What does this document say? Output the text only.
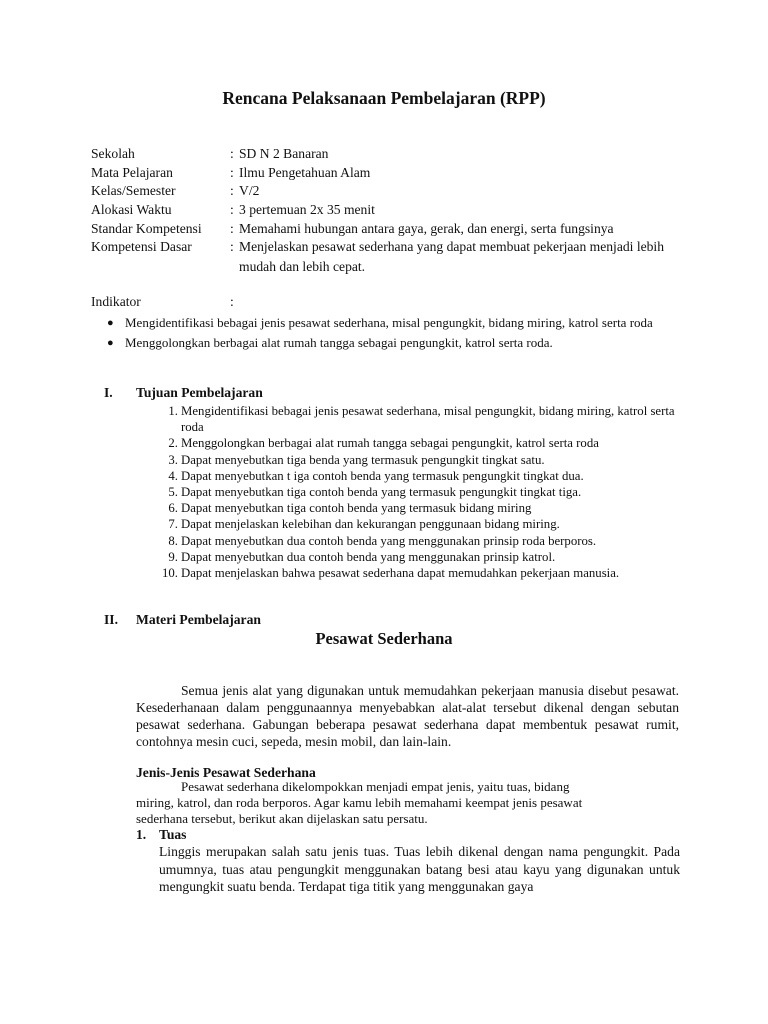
Rencana Pelaksanaan Pembelajaran (RPP)
Sekolah	: SD N 2 Banaran
Mata Pelajaran	: Ilmu Pengetahuan Alam
Kelas/Semester	: V/2
Alokasi Waktu	: 3 pertemuan 2x 35 menit
Standar Kompetensi : Memahami hubungan antara gaya, gerak, dan energi, serta fungsinya
Kompetensi Dasar	: Menjelaskan pesawat sederhana yang dapat membuat pekerjaan menjadi lebih mudah dan lebih cepat.
Indikator	:
● Mengidentifikasi bebagai jenis pesawat sederhana, misal pengungkit, bidang miring, katrol serta roda
● Menggolongkan berbagai alat rumah tangga sebagai pengungkit, katrol serta roda.
I. Tujuan Pembelajaran
1. Mengidentifikasi bebagai jenis pesawat sederhana, misal pengungkit, bidang miring, katrol serta roda
2. Menggolongkan berbagai alat rumah tangga sebagai pengungkit, katrol serta roda
3. Dapat menyebutkan tiga benda yang termasuk pengungkit tingkat satu.
4. Dapat menyebutkan t iga contoh benda yang termasuk pengungkit tingkat dua.
5. Dapat menyebutkan tiga contoh benda yang termasuk pengungkit tingkat tiga.
6. Dapat menyebutkan tiga contoh benda yang termasuk bidang miring
7. Dapat menjelaskan kelebihan dan kekurangan penggunaan bidang miring.
8. Dapat menyebutkan dua contoh benda yang menggunakan prinsip roda berporos.
9. Dapat menyebutkan dua contoh benda yang menggunakan prinsip katrol.
10. Dapat menjelaskan bahwa pesawat sederhana dapat memudahkan pekerjaan manusia.
II. Materi Pembelajaran
Pesawat Sederhana
Semua jenis alat yang digunakan untuk memudahkan pekerjaan manusia disebut pesawat. Kesederhanaan dalam penggunaannya menyebabkan alat-alat tersebut dikenal dengan sebutan pesawat sederhana. Gabungan beberapa pesawat sederhana dapat membentuk pesawat rumit, contohnya mesin cuci, sepeda, mesin mobil, dan lain-lain.
Jenis-Jenis Pesawat Sederhana
Pesawat sederhana dikelompokkan menjadi empat jenis, yaitu tuas, bidang
miring, katrol, dan roda berporos. Agar kamu lebih memahami keempat jenis pesawat
sederhana tersebut, berikut akan dijelaskan satu persatu.
1. Tuas
Linggis merupakan salah satu jenis tuas. Tuas lebih dikenal dengan nama pengungkit. Pada umumnya, tuas atau pengungkit menggunakan batang besi atau kayu yang digunakan untuk mengungkit suatu benda. Terdapat tiga titik yang menggunakan gaya
